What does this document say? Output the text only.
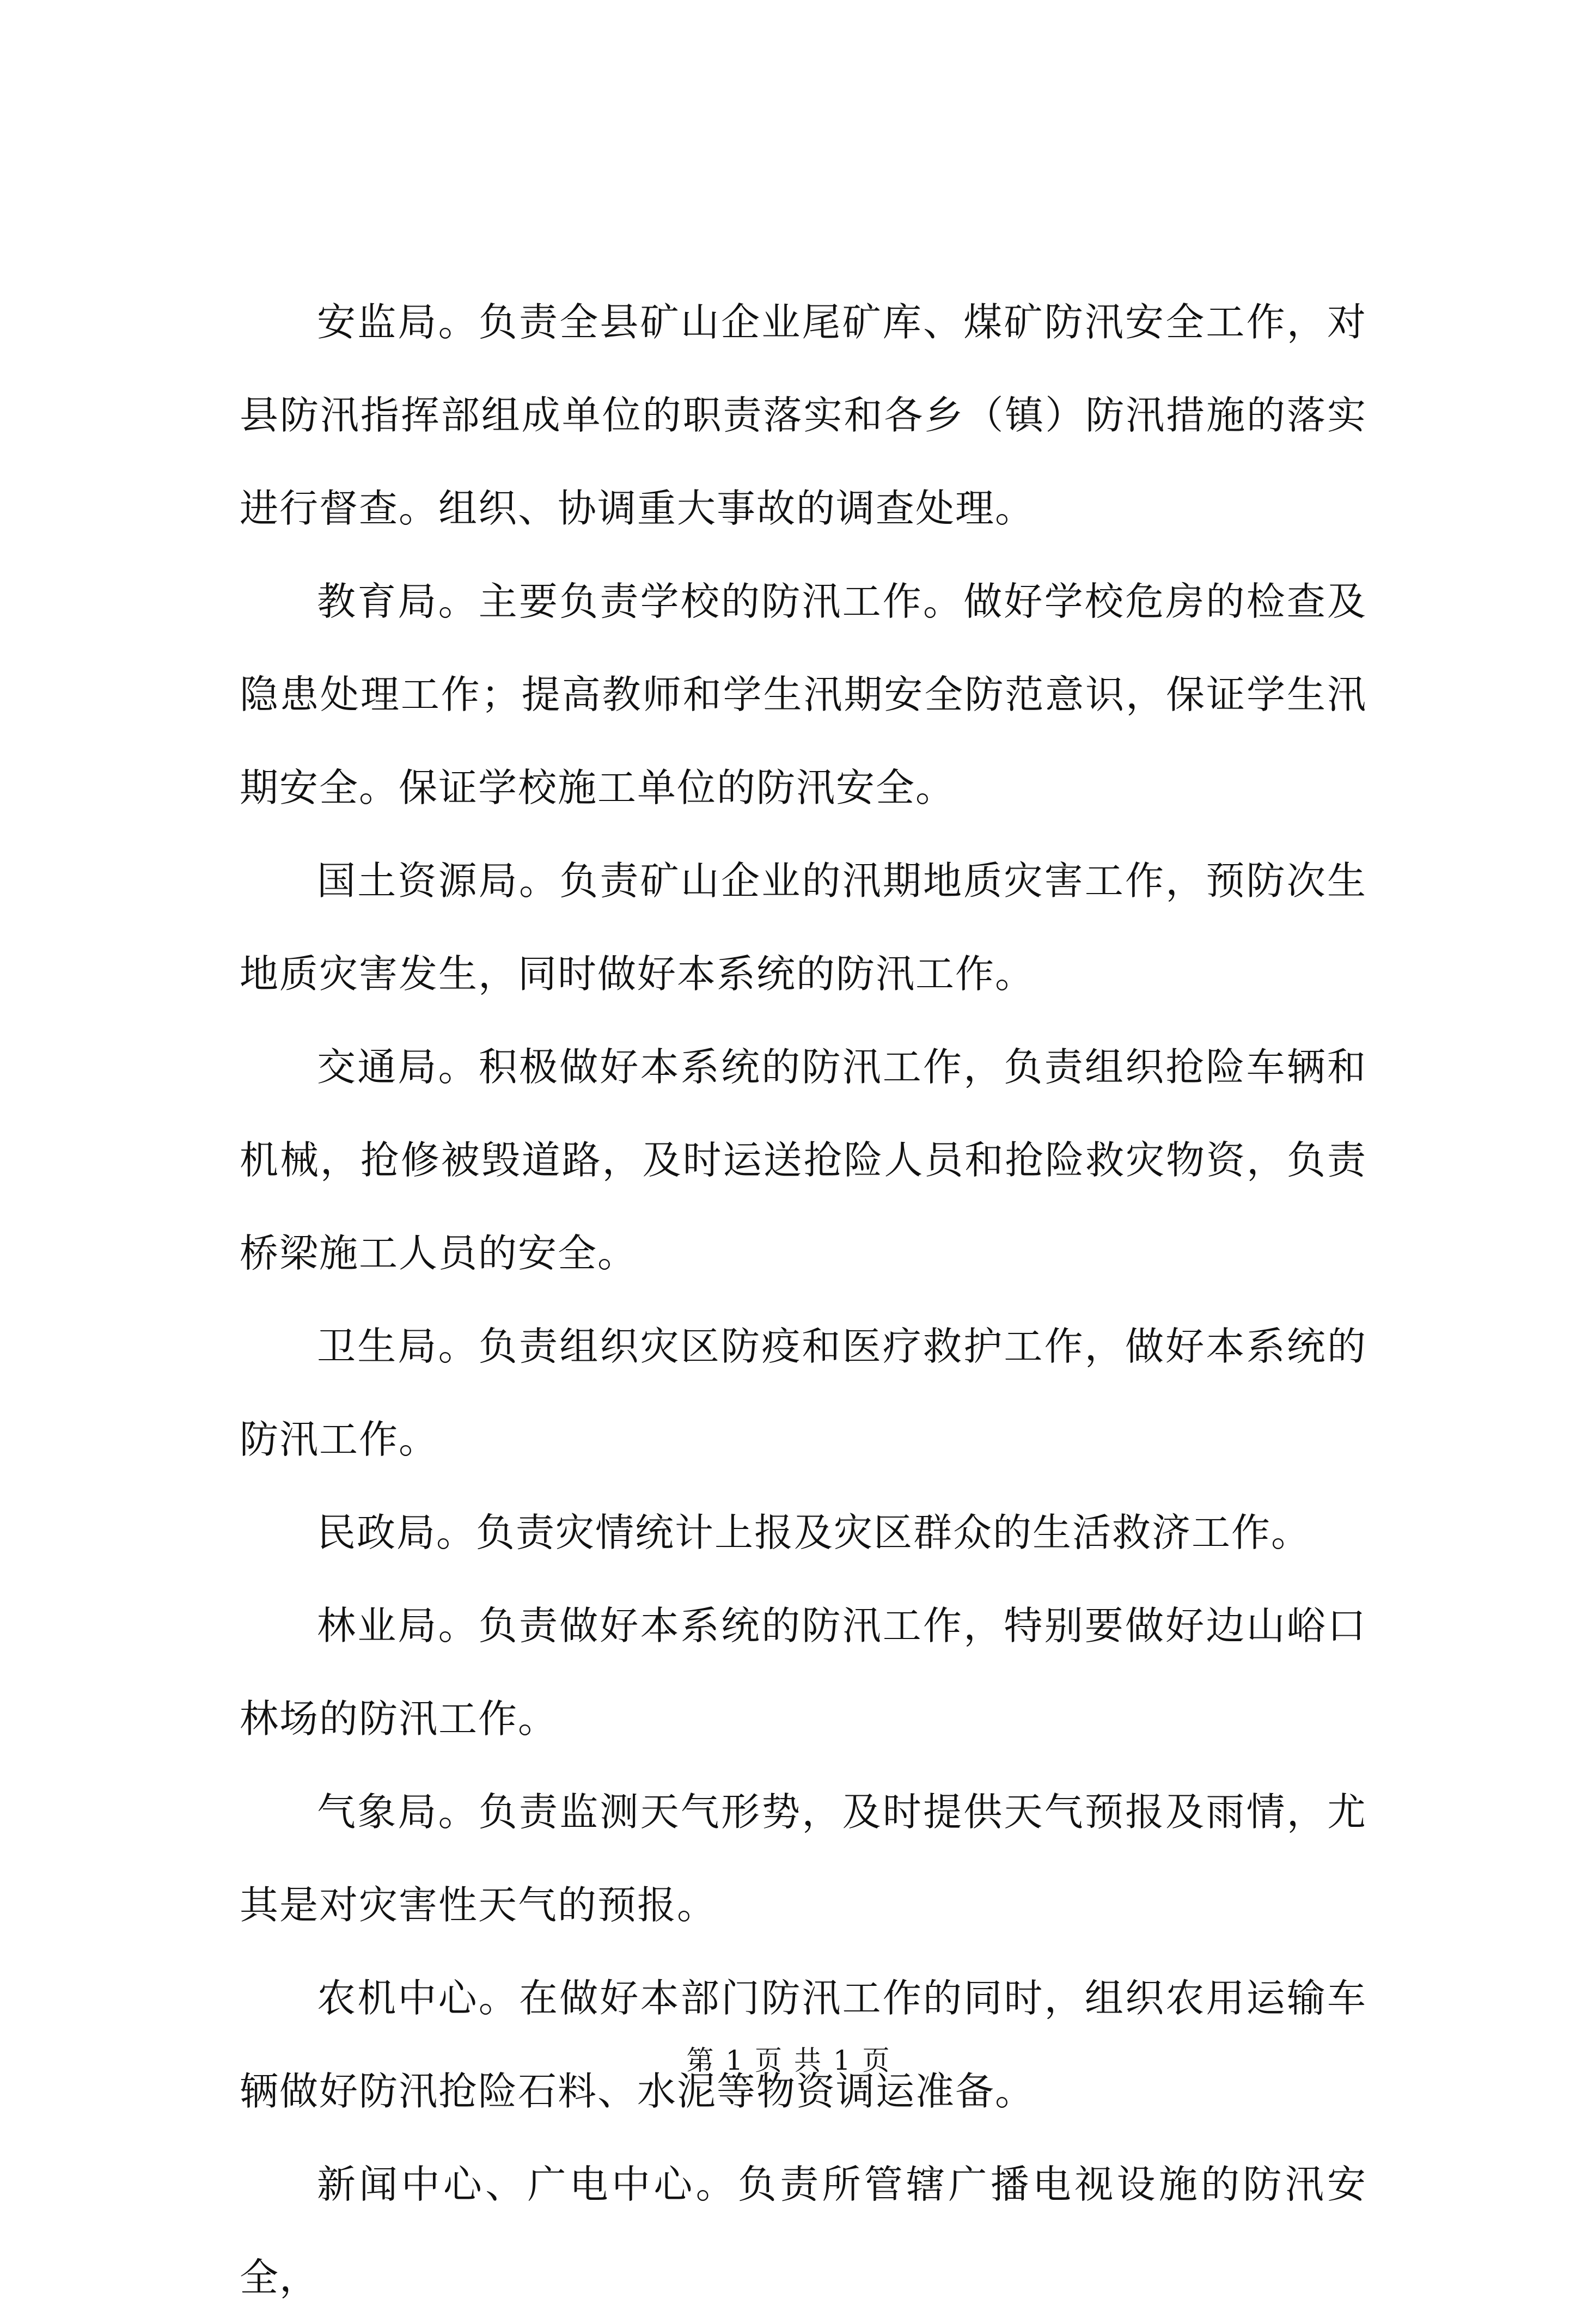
安监局。负责全县矿山企业尾矿库、煤矿防汛安全工作，对县防汛指挥部组成单位的职责落实和各乡（镇）防汛措施的落实进行督查。组织、协调重大事故的调查处理。

教育局。主要负责学校的防汛工作。做好学校危房的检查及隐患处理工作；提高教师和学生汛期安全防范意识，保证学生汛期安全。保证学校施工单位的防汛安全。

国土资源局。负责矿山企业的汛期地质灾害工作，预防次生地质灾害发生，同时做好本系统的防汛工作。

交通局。积极做好本系统的防汛工作，负责组织抢险车辆和机械，抢修被毁道路，及时运送抢险人员和抢险救灾物资，负责桥梁施工人员的安全。

卫生局。负责组织灾区防疫和医疗救护工作，做好本系统的防汛工作。

民政局。负责灾情统计上报及灾区群众的生活救济工作。

林业局。负责做好本系统的防汛工作，特别要做好边山峪口林场的防汛工作。

气象局。负责监测天气形势，及时提供天气预报及雨情，尤其是对灾害性天气的预报。

农机中心。在做好本部门防汛工作的同时，组织农用运输车辆做好防汛抢险石料、水泥等物资调运准备。

新闻中心、广电中心。负责所管辖广播电视设施的防汛安全，

第 1 页 共 1 页
